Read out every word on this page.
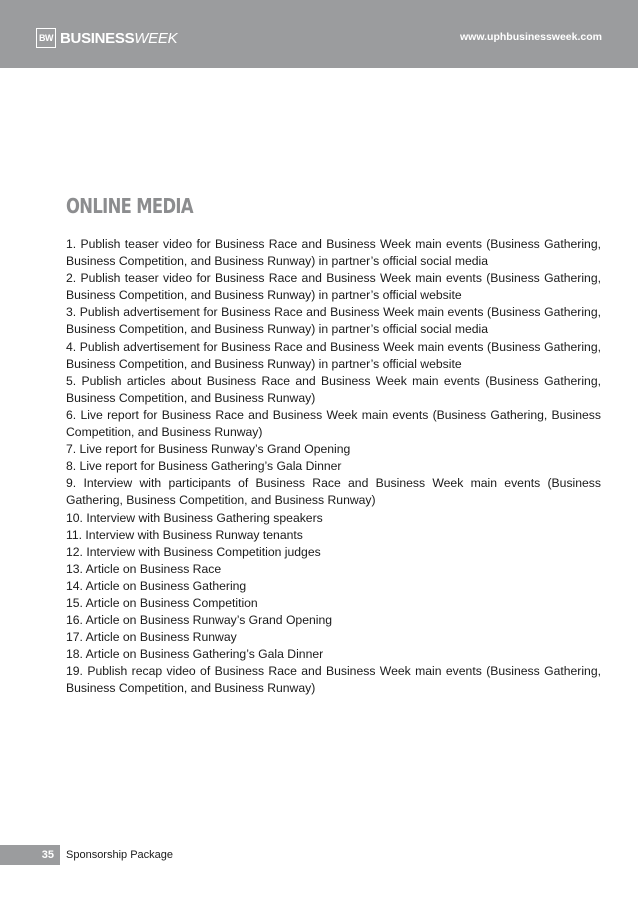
BW BUSINESS WEEK	www.uphbusinessweek.com
ONLINE MEDIA
1. Publish teaser video for Business Race and Business Week main events (Business Gathering, Business Competition, and Business Runway) in partner’s official social media
2. Publish teaser video for Business Race and Business Week main events (Business Gathering, Business Competition, and Business Runway) in partner’s official website
3. Publish advertisement for Business Race and Business Week main events (Business Gathering, Business Competition, and Business Runway) in partner’s official social media
4. Publish advertisement for Business Race and Business Week main events (Business Gathering, Business Competition, and Business Runway) in partner’s official website
5. Publish articles about Business Race and Business Week main events (Business Gathering, Business Competition, and Business Runway)
6. Live report for Business Race and Business Week main events (Business Gathering, Business Competition, and Business Runway)
7. Live report for Business Runway’s Grand Opening
8. Live report for Business Gathering’s Gala Dinner
9. Interview with participants of Business Race and Business Week main events (Business Gathering, Business Competition, and Business Runway)
10. Interview with Business Gathering speakers
11. Interview with Business Runway tenants
12. Interview with Business Competition judges
13. Article on Business Race
14. Article on Business Gathering
15. Article on Business Competition
16. Article on Business Runway’s Grand Opening
17. Article on Business Runway
18. Article on Business Gathering’s Gala Dinner
19. Publish recap video of Business Race and Business Week main events (Business Gathering, Business Competition, and Business Runway)
35	Sponsorship Package
